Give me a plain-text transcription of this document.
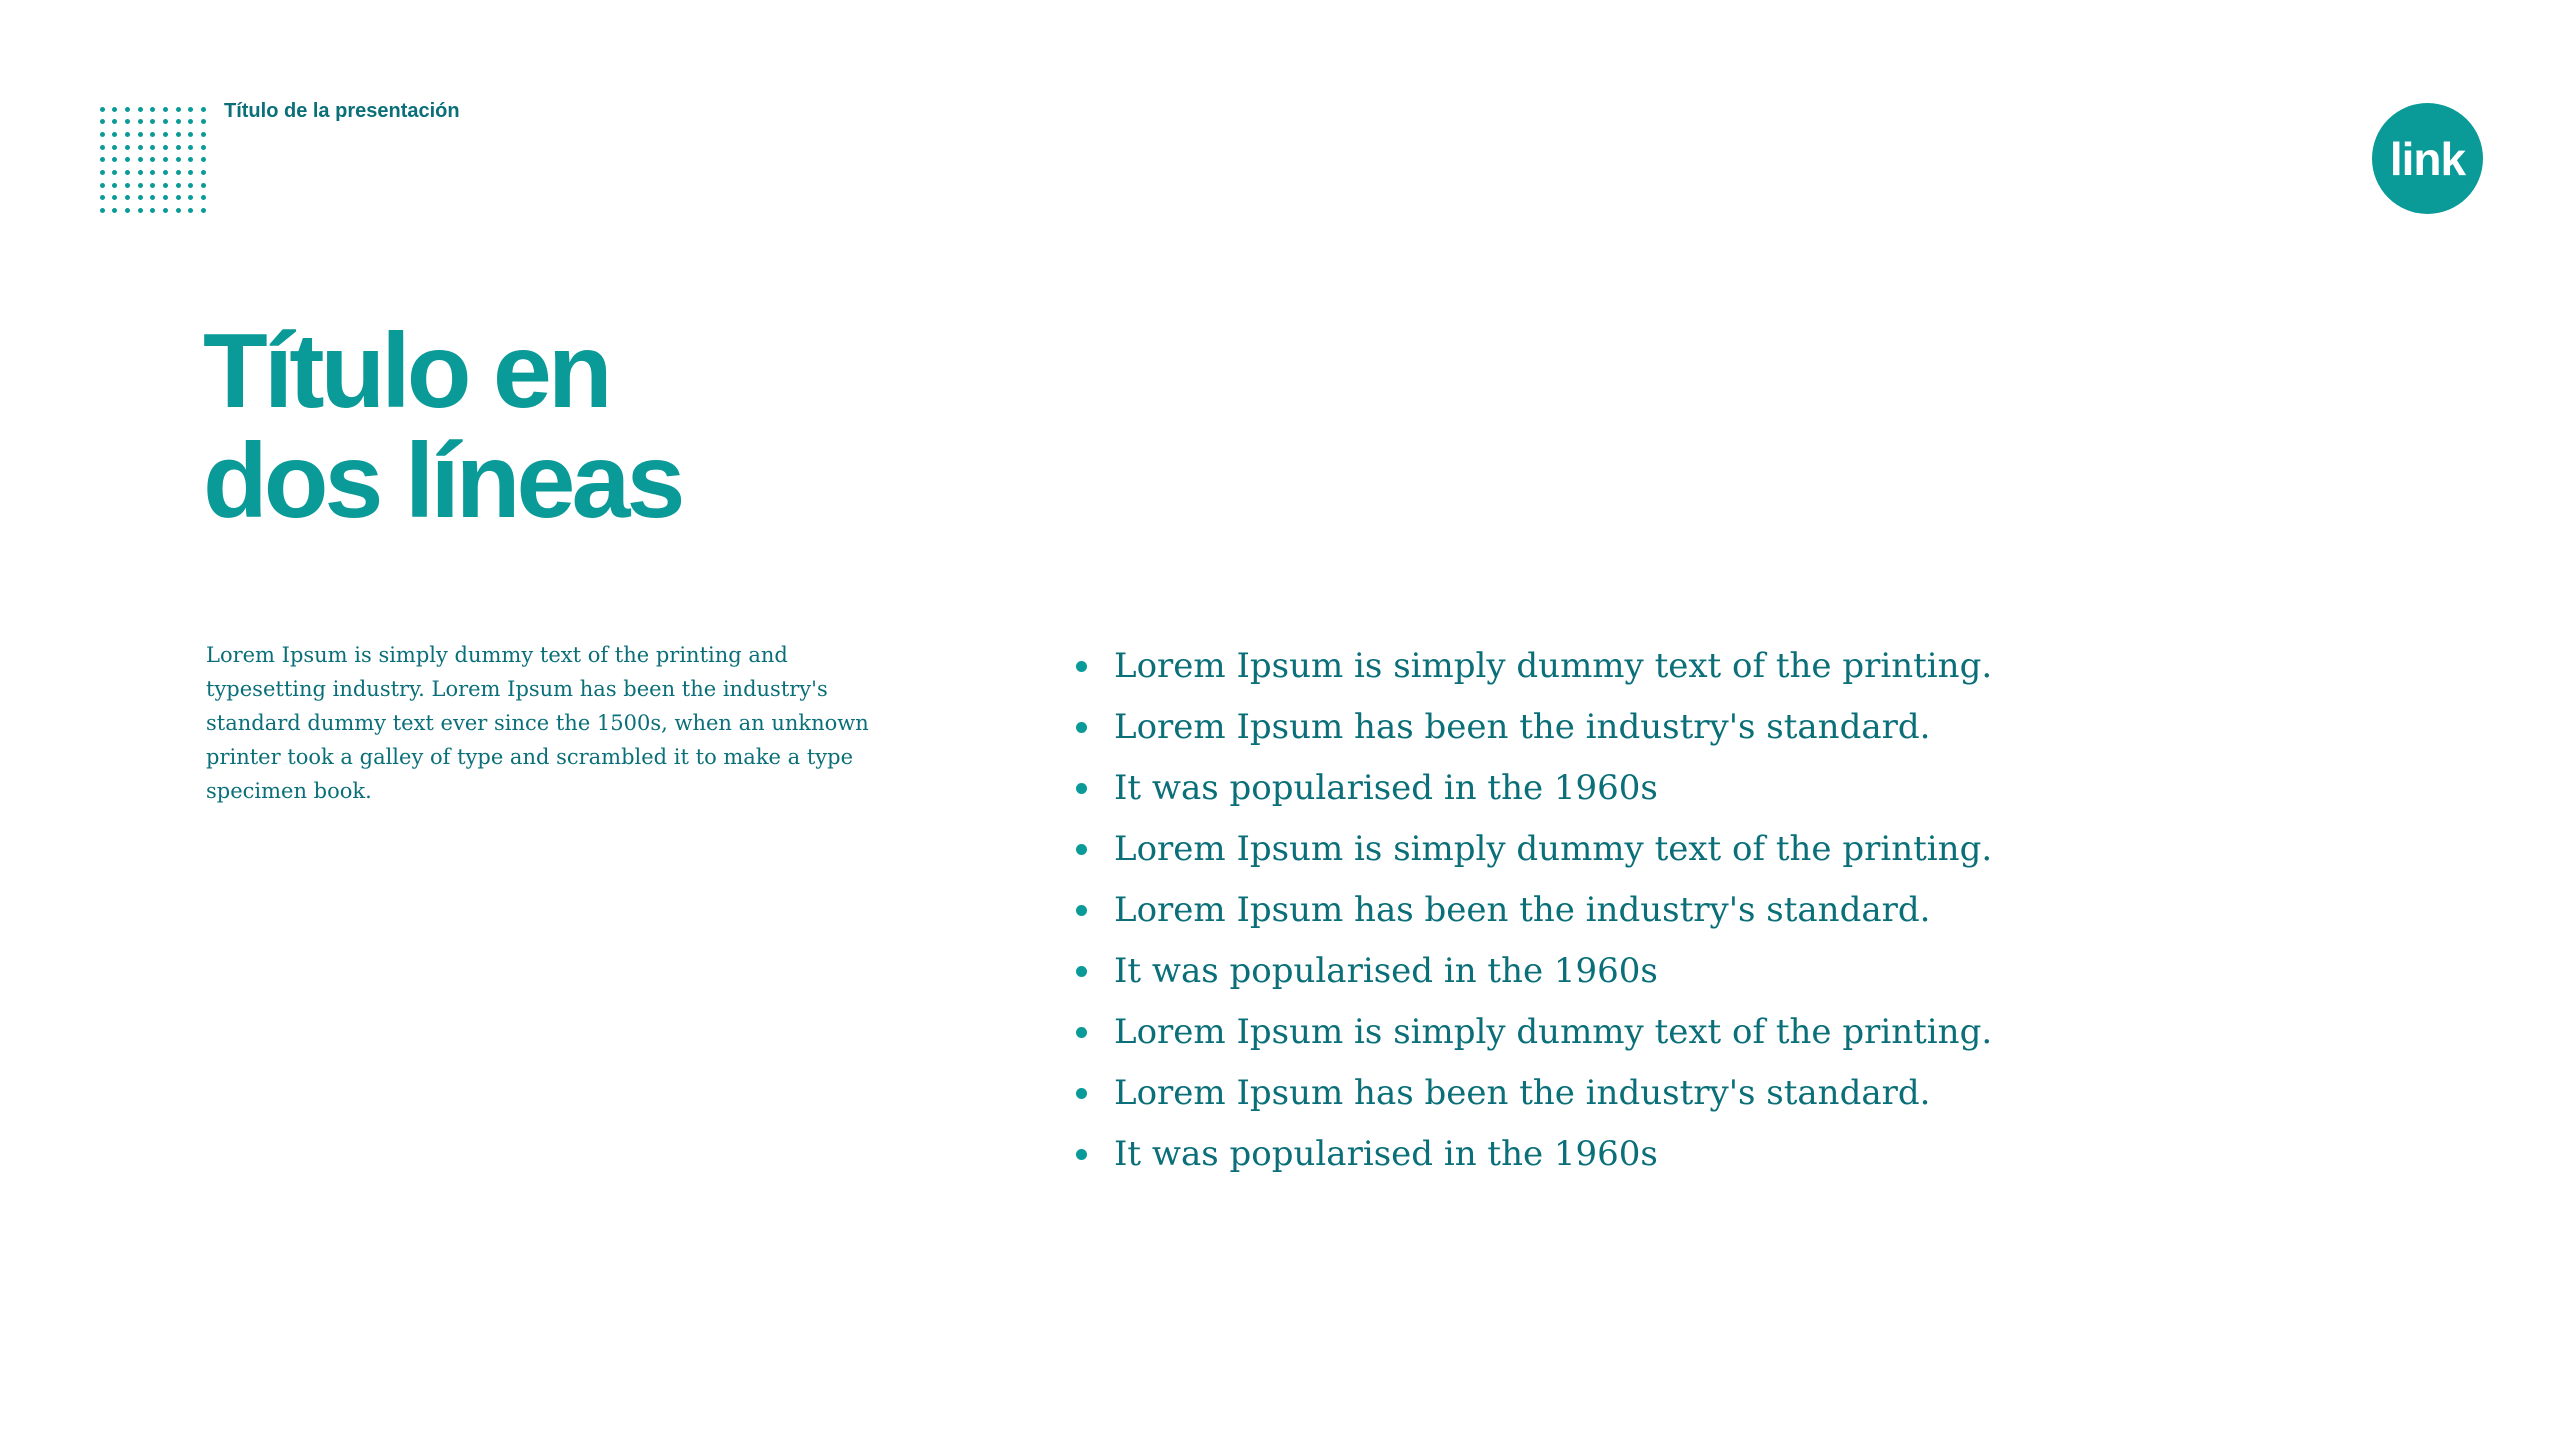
Título de la presentación
link
Título en
dos líneas

Lorem Ipsum is simply dummy text of the printing and typesetting industry. Lorem Ipsum has been the industry's standard dummy text ever since the 1500s, when an unknown printer took a galley of type and scrambled it to make a type specimen book.

Lorem Ipsum is simply dummy text of the printing.
Lorem Ipsum has been the industry's standard.
It was popularised in the 1960s
Lorem Ipsum is simply dummy text of the printing.
Lorem Ipsum has been the industry's standard.
It was popularised in the 1960s
Lorem Ipsum is simply dummy text of the printing.
Lorem Ipsum has been the industry's standard.
It was popularised in the 1960s
